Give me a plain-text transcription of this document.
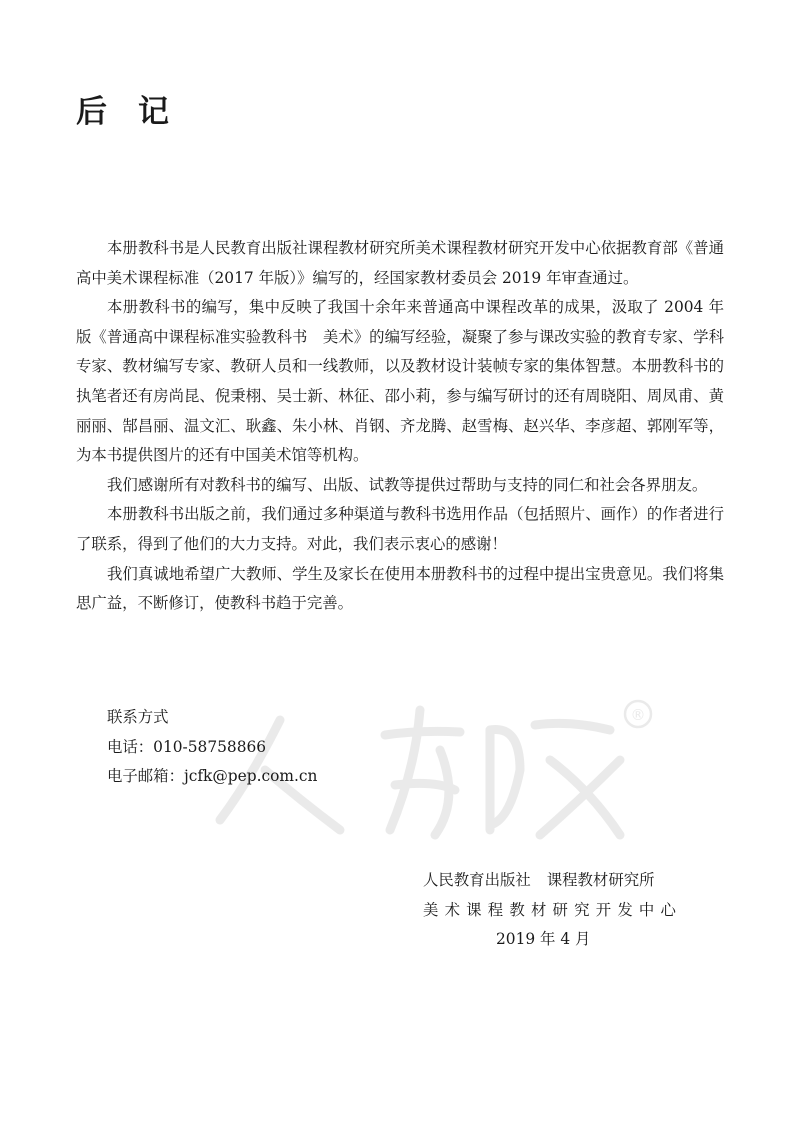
后 记
®

本册教科书是人民教育出版社课程教材研究所美术课程教材研究开发中心依据教育部《普通高中美术课程标准（2017 年版）》编写的，经国家教材委员会 2019 年审查通过。

本册教科书的编写，集中反映了我国十余年来普通高中课程改革的成果，汲取了 2004 年版《普通高中课程标准实验教科书　美术》的编写经验，凝聚了参与课改实验的教育专家、学科专家、教材编写专家、教研人员和一线教师，以及教材设计装帧专家的集体智慧。本册教科书的执笔者还有房尚昆、倪秉栩、吴士新、林征、邵小莉，参与编写研讨的还有周晓阳、周凤甫、黄丽丽、郜昌丽、温文汇、耿鑫、朱小林、肖钢、齐龙腾、赵雪梅、赵兴华、李彦超、郭刚军等，为本书提供图片的还有中国美术馆等机构。

我们感谢所有对教科书的编写、出版、试教等提供过帮助与支持的同仁和社会各界朋友。

本册教科书出版之前，我们通过多种渠道与教科书选用作品（包括照片、画作）的作者进行了联系，得到了他们的大力支持。对此，我们表示衷心的感谢！

我们真诚地希望广大教师、学生及家长在使用本册教科书的过程中提出宝贵意见。我们将集思广益，不断修订，使教科书趋于完善。

联系方式
电话：010-58758866
电子邮箱：jcfk@pep.com.cn
人民教育出版社 课程教材研究所
美术课程教材研究开发中心
2019 年 4 月
